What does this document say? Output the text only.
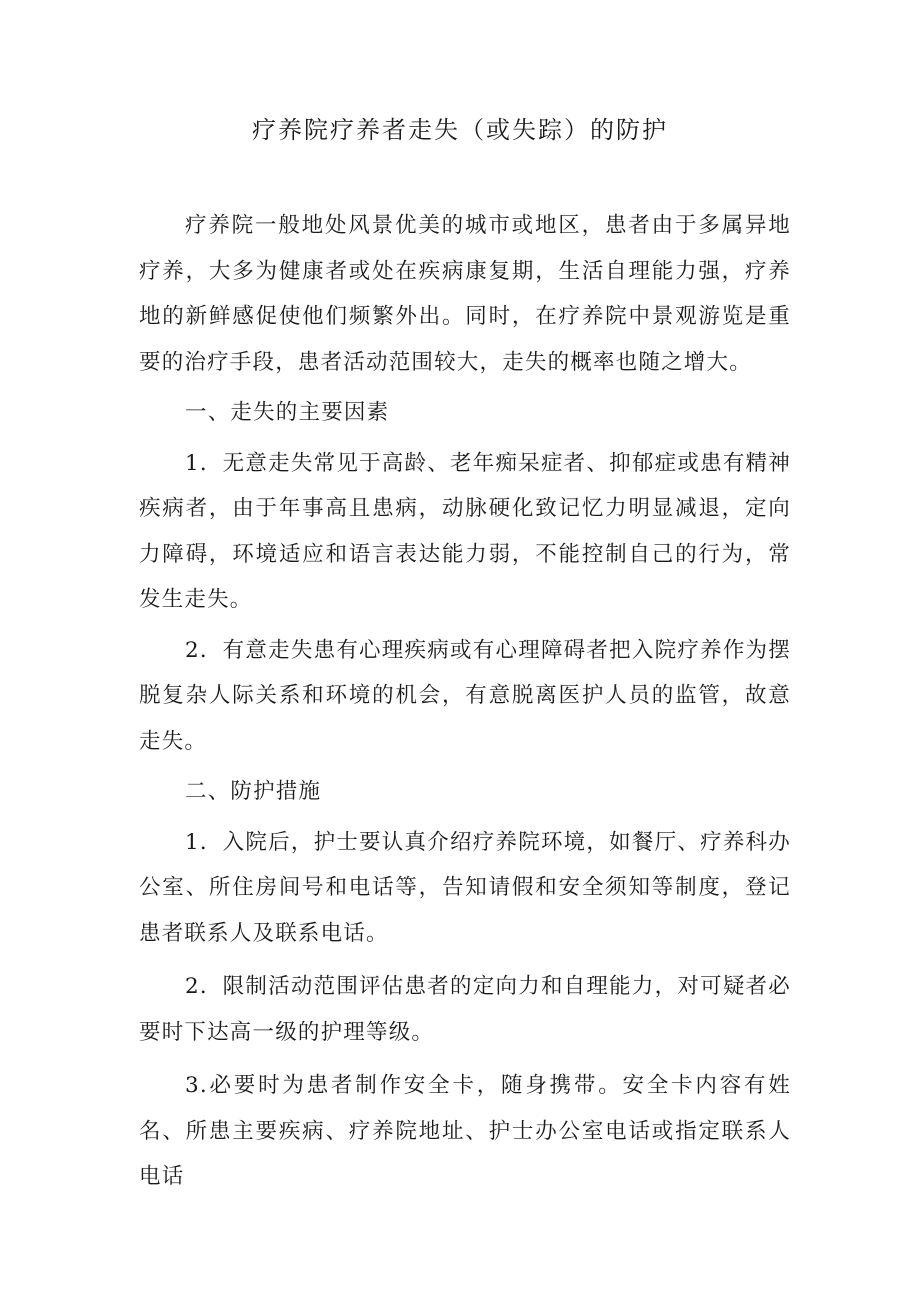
疗养院疗养者走失（或失踪）的防护

疗养院一般地处风景优美的城市或地区，患者由于多属异地疗养，大多为健康者或处在疾病康复期，生活自理能力强，疗养地的新鲜感促使他们频繁外出。同时，在疗养院中景观游览是重要的治疗手段，患者活动范围较大，走失的概率也随之增大。

一、走失的主要因素

1．无意走失常见于高龄、老年痴呆症者、抑郁症或患有精神疾病者，由于年事高且患病，动脉硬化致记忆力明显减退，定向力障碍，环境适应和语言表达能力弱，不能控制自己的行为，常发生走失。

2．有意走失患有心理疾病或有心理障碍者把入院疗养作为摆脱复杂人际关系和环境的机会，有意脱离医护人员的监管，故意走失。

二、防护措施

1．入院后，护士要认真介绍疗养院环境，如餐厅、疗养科办公室、所住房间号和电话等，告知请假和安全须知等制度，登记患者联系人及联系电话。

2．限制活动范围评估患者的定向力和自理能力，对可疑者必要时下达高一级的护理等级。

3.必要时为患者制作安全卡，随身携带。安全卡内容有姓名、所患主要疾病、疗养院地址、护士办公室电话或指定联系人电话
